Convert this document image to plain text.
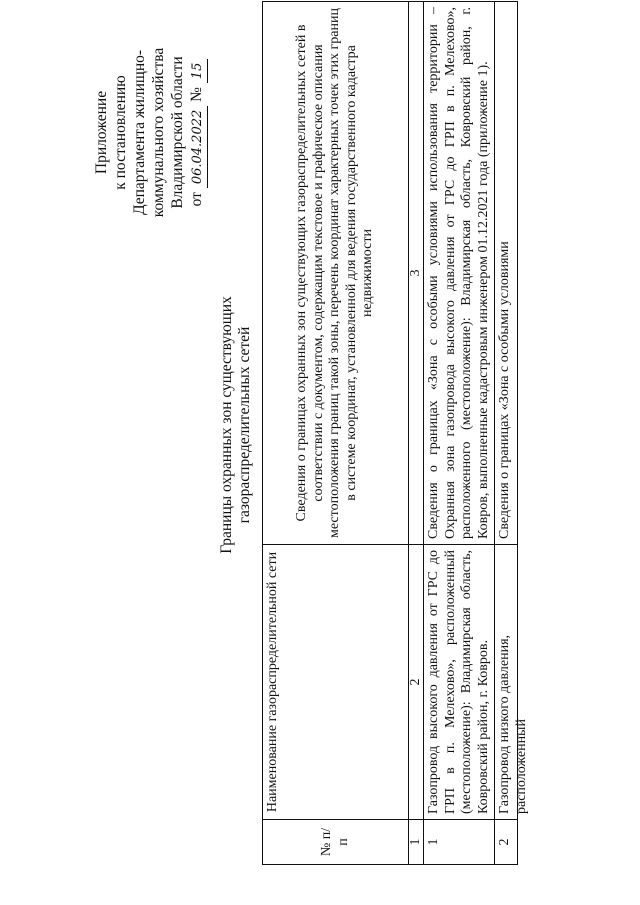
Приложение к постановлению Департамента жилищно- коммунального хозяйства Владимирской области от 06.04.2022 № 15
Границы охранных зон существующих газораспределительных сетей
№ п/п	Наименование газораспределительной сети	Сведения о границах охранных зон существующих газораспределительных сетей в соответствии с документом, содержащим текстовое и графическое описания местоположения границ такой зоны, перечень координат характерных точек этих границ в системе координат, установленной для ведения государственного кадастра недвижимости
1	2	3
1	Газопровод высокого давления от ГРС до ГРП в п. Мелехово», расположенный (местоположение): Владимирская область, Ковровский район, г. Ковров.	Сведения о границах «Зона с особыми условиями использования территории – Охранная зона газопровода высокого давления от ГРС до ГРП в п. Мелехово», расположенного (местоположение): Владимирская область, Ковровский район, г. Ковров, выполненные кадастровым инженером 01.12.2021 года (приложение 1).

2	Газопровод низкого давления, расположенный	Сведения о границах «Зона с особыми условиями
